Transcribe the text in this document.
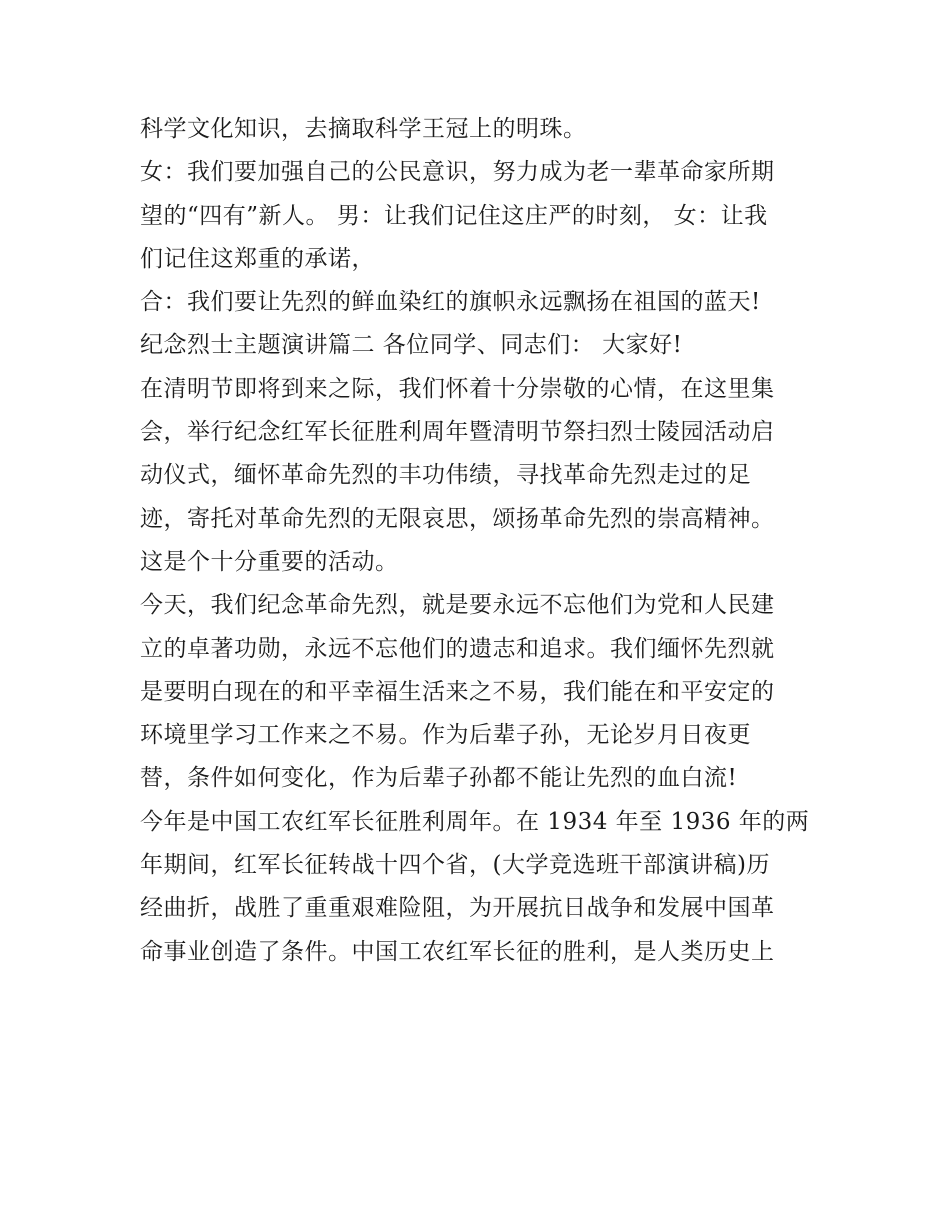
科学文化知识，去摘取科学王冠上的明珠。
女：我们要加强自己的公民意识，努力成为老一辈革命家所期
望的“四有”新人。 男：让我们记住这庄严的时刻， 女：让我
们记住这郑重的承诺，
合：我们要让先烈的鲜血染红的旗帜永远飘扬在祖国的蓝天!
纪念烈士主题演讲篇二 各位同学、同志们： 大家好!
在清明节即将到来之际，我们怀着十分崇敬的心情，在这里集
会，举行纪念红军长征胜利周年暨清明节祭扫烈士陵园活动启
动仪式，缅怀革命先烈的丰功伟绩，寻找革命先烈走过的足
迹，寄托对革命先烈的无限哀思，颂扬革命先烈的崇高精神。
这是个十分重要的活动。
今天，我们纪念革命先烈，就是要永远不忘他们为党和人民建
立的卓著功勋，永远不忘他们的遗志和追求。我们缅怀先烈就
是要明白现在的和平幸福生活来之不易，我们能在和平安定的
环境里学习工作来之不易。作为后辈子孙，无论岁月日夜更
替，条件如何变化，作为后辈子孙都不能让先烈的血白流!
今年是中国工农红军长征胜利周年。在 1934 年至 1936 年的两
年期间，红军长征转战十四个省，(大学竞选班干部演讲稿)历
经曲折，战胜了重重艰难险阻，为开展抗日战争和发展中国革
命事业创造了条件。中国工农红军长征的胜利，是人类历史上
